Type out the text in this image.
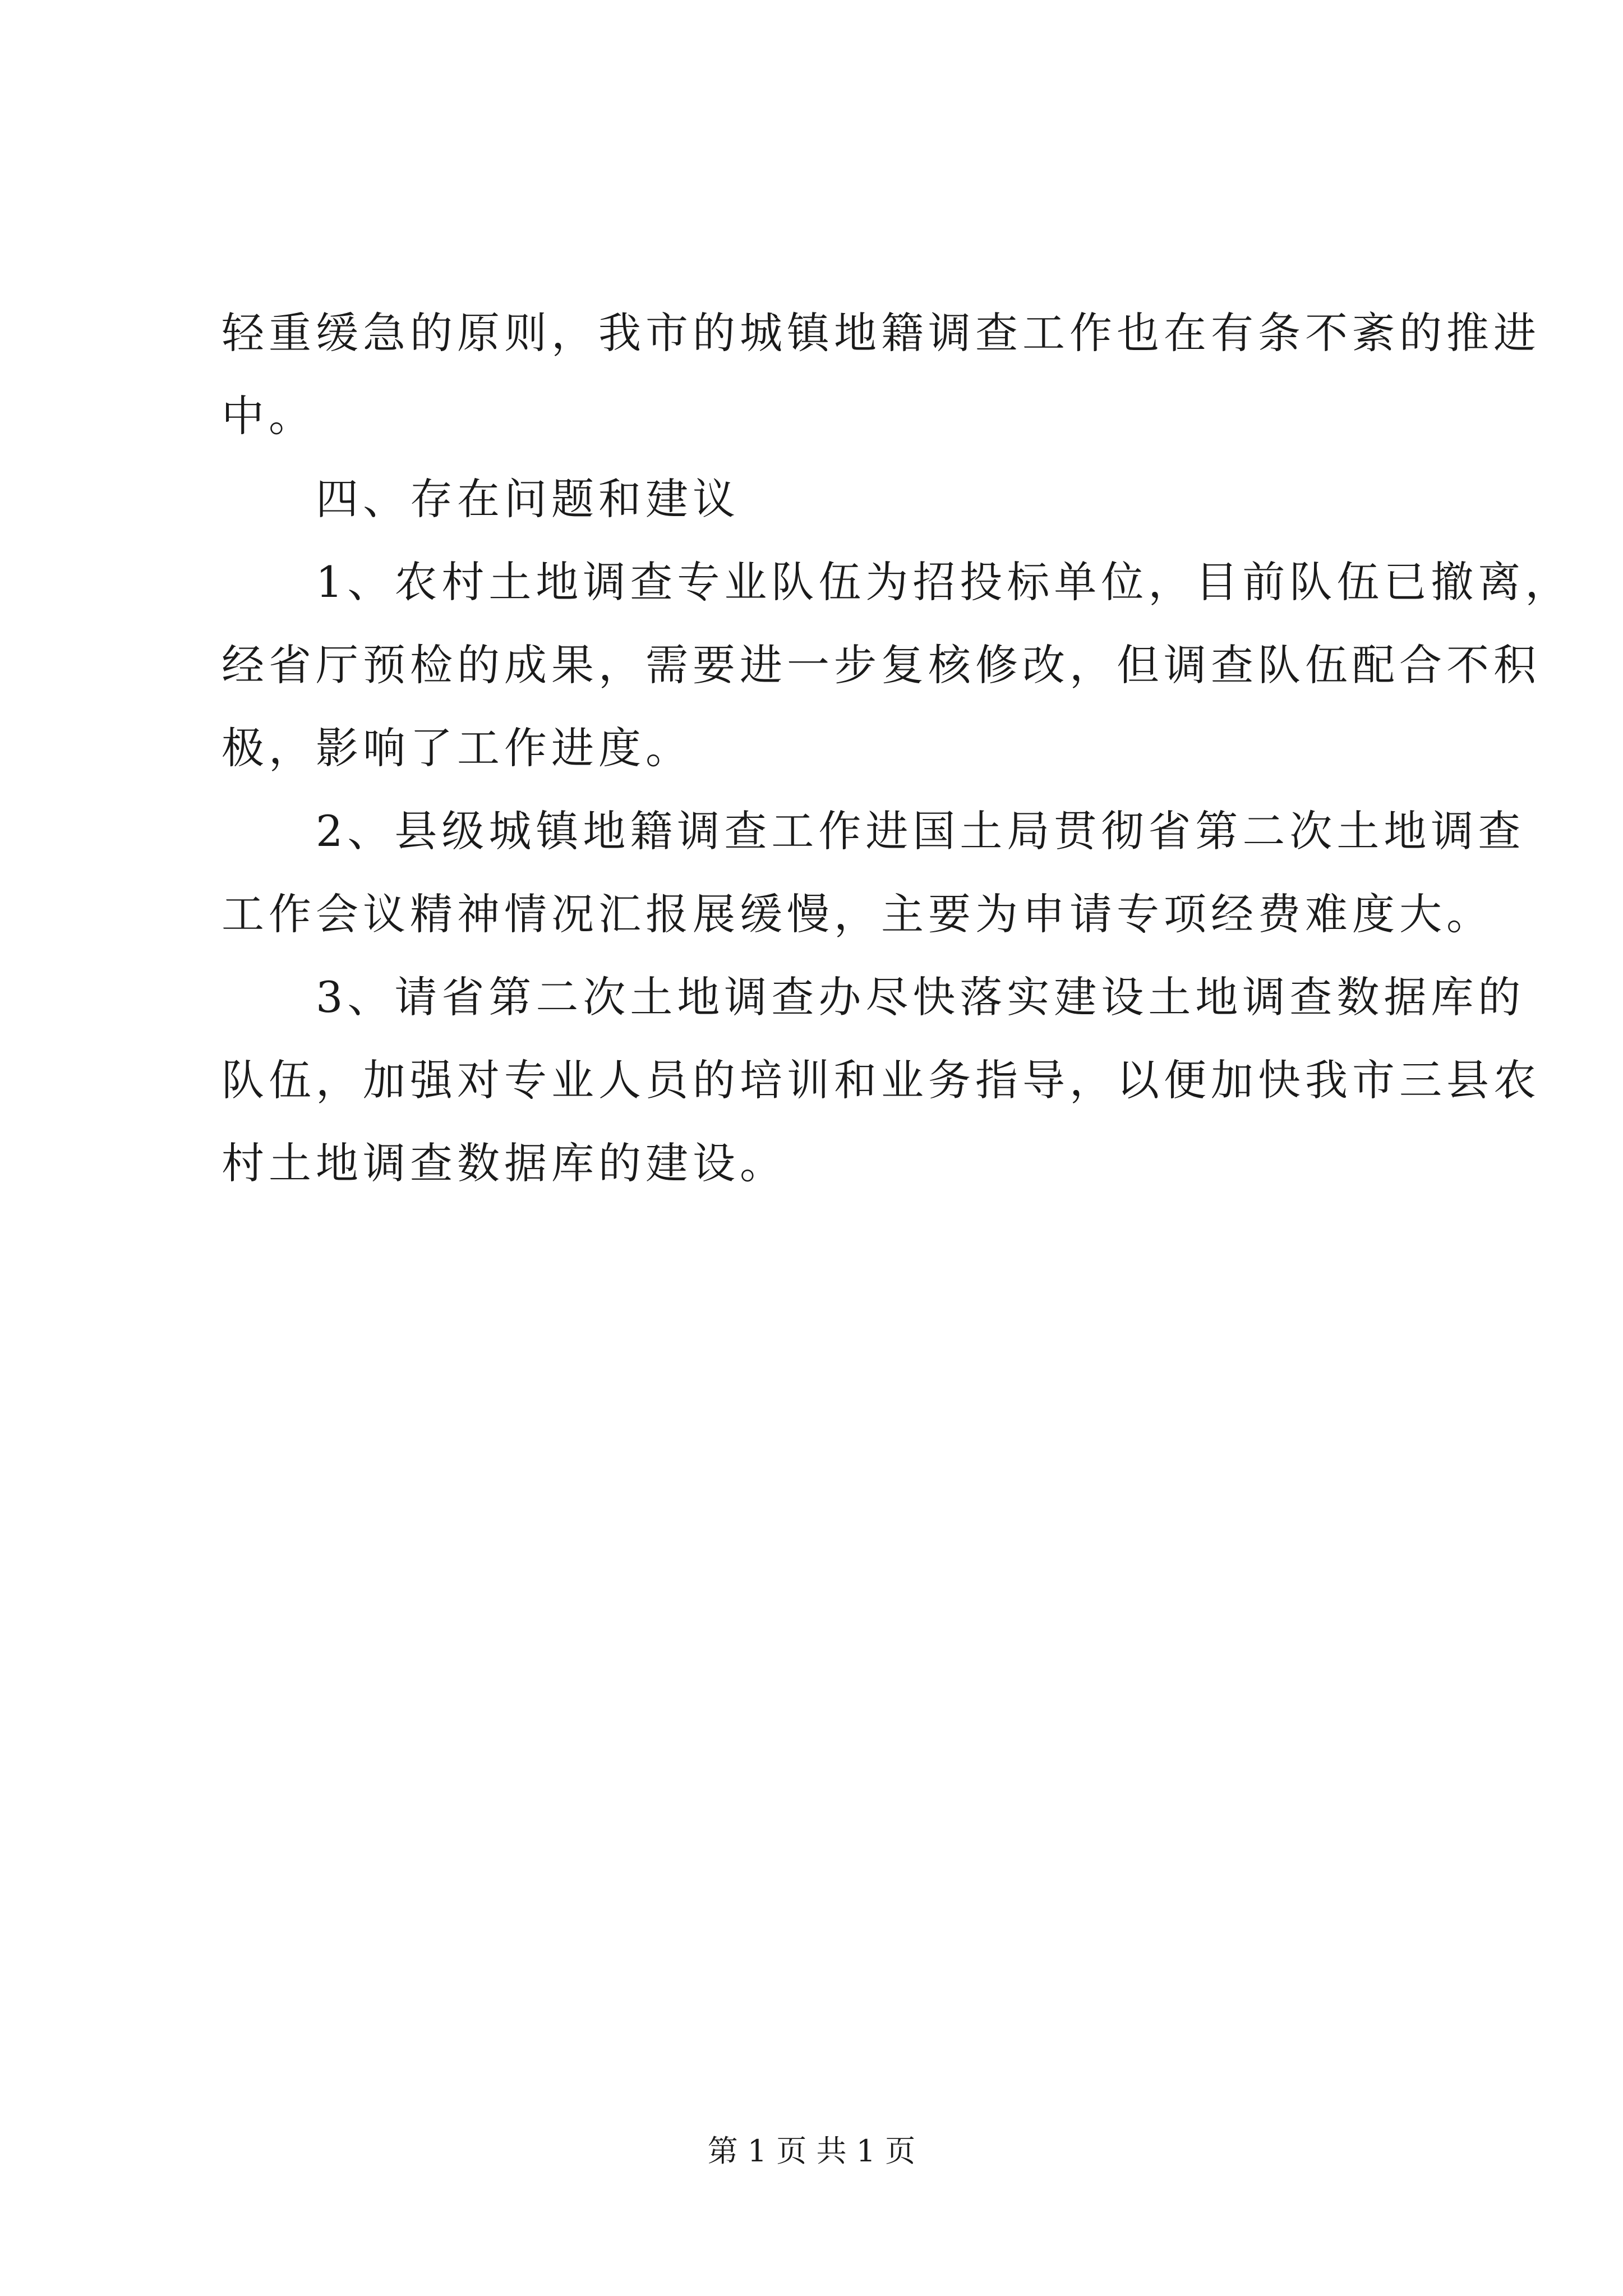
轻重缓急的原则，我市的城镇地籍调查工作也在有条不紊的推进

中。

四、存在问题和建议

1、农村土地调查专业队伍为招投标单位，目前队伍已撤离，

经省厅预检的成果，需要进一步复核修改，但调查队伍配合不积

极，影响了工作进度。

2、县级城镇地籍调查工作进国土局贯彻省第二次土地调查

工作会议精神情况汇报展缓慢，主要为申请专项经费难度大。

3、请省第二次土地调查办尽快落实建设土地调查数据库的

队伍，加强对专业人员的培训和业务指导，以便加快我市三县农

村土地调查数据库的建设。

第 1 页 共 1 页
